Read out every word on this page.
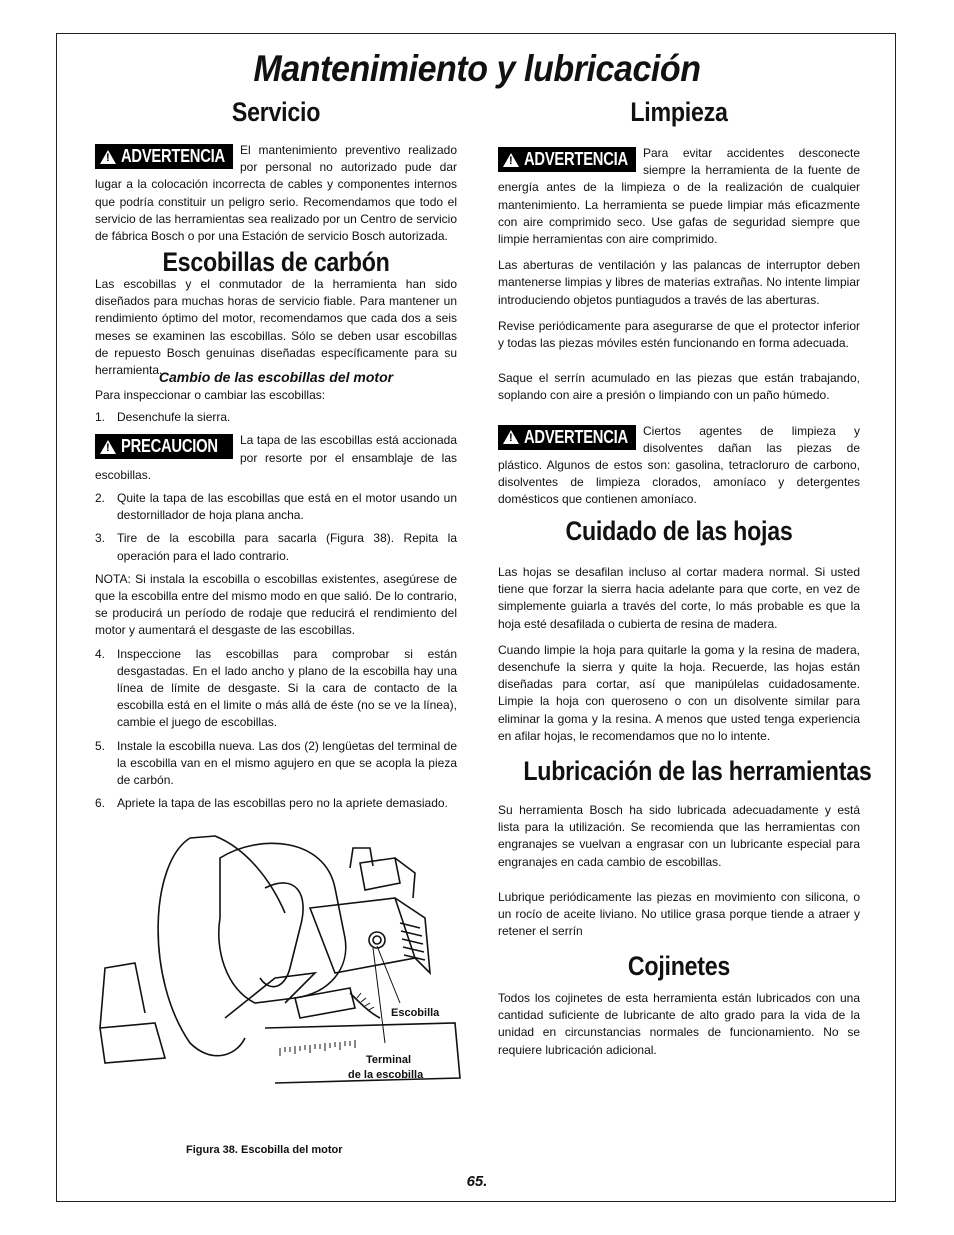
Mantenimiento y lubricación
Servicio
! ADVERTENCIA El mantenimiento preventivo realizado por personal no autorizado pude dar lugar a la colocación incorrecta de cables y componentes internos que podría constituir un peligro serio. Recomendamos que todo el servicio de las herramientas sea realizado por un Centro de servicio de fábrica Bosch o por una Estación de servicio Bosch autorizada.
Escobillas de carbón
Las escobillas y el conmutador de la herramienta han sido diseñados para muchas horas de servicio fiable. Para mantener un rendimiento óptimo del motor, recomendamos que cada dos a seis meses se examinen las escobillas. Sólo se deben usar escobillas de repuesto Bosch genuinas diseñadas específicamente para su herramienta.
Cambio de las escobillas del motor
Para inspeccionar o cambiar las escobillas:
1. Desenchufe la sierra.
! PRECAUCION La tapa de las escobillas está accionada por resorte por el ensamblaje de las escobillas.
2. Quite la tapa de las escobillas que está en el motor usando un destornillador de hoja plana ancha.
3. Tire de la escobilla para sacarla (Figura 38). Repita la operación para el lado contrario.
NOTA: Si instala la escobilla o escobillas existentes, asegúrese de que la escobilla entre del mismo modo en que salió. De lo contrario, se producirá un período de rodaje que reducirá el rendimiento del motor y aumentará el desgaste de las escobillas.
4. Inspeccione las escobillas para comprobar si están desgastadas. En el lado ancho y plano de la escobilla hay una línea de límite de desgaste. Si la cara de contacto de la escobilla está en el limite o más allá de éste (no se ve la línea), cambie el juego de escobillas.
5. Instale la escobilla nueva. Las dos (2) lengüetas del terminal de la escobilla van en el mismo agujero en que se acopla la pieza de carbón.
6. Apriete la tapa de las escobillas pero no la apriete demasiado.
Escobilla
Terminal
de la escobilla
Figura 38. Escobilla del motor
Limpieza
! ADVERTENCIA Para evitar accidentes desconecte siempre la herramienta de la fuente de energía antes de la limpieza o de la realización de cualquier mantenimiento. La herramienta se puede limpiar más eficazmente con aire comprimido seco. Use gafas de seguridad siempre que limpie herramientas con aire comprimido.
Las aberturas de ventilación y las palancas de interruptor deben mantenerse limpias y libres de materias extrañas. No intente limpiar introduciendo objetos puntiagudos a través de las aberturas.
Revise periódicamente para asegurarse de que el protector inferior y todas las piezas móviles estén funcionando en forma adecuada.
Saque el serrín acumulado en las piezas que están trabajando, soplando con aire a presión o limpiando con un paño húmedo.
! ADVERTENCIA Ciertos agentes de limpieza y disolventes dañan las piezas de plástico. Algunos de estos son: gasolina, tetracloruro de carbono, disolventes de limpieza clorados, amoníaco y detergentes domésticos que contienen amoníaco.
Cuidado de las hojas
Las hojas se desafilan incluso al cortar madera normal. Si usted tiene que forzar la sierra hacia adelante para que corte, en vez de simplemente guiarla a través del corte, lo más probable es que la hoja esté desafilada o cubierta de resina de madera.
Cuando limpie la hoja para quitarle la goma y la resina de madera, desenchufe la sierra y quite la hoja. Recuerde, las hojas están diseñadas para cortar, así que manipúlelas cuidadosamente. Limpie la hoja con queroseno o con un disolvente similar para eliminar la goma y la resina. A menos que usted tenga experiencia en afilar hojas, le recomendamos que no lo intente.
Lubricación de las herramientas
Su herramienta Bosch ha sido lubricada adecuadamente y está lista para la utilización. Se recomienda que las herramientas con engranajes se vuelvan a engrasar con un lubricante especial para engranajes en cada cambio de escobillas.
Lubrique periódicamente las piezas en movimiento con silicona, o un rocío de aceite liviano. No utilice grasa porque tiende a atraer y retener el serrín
Cojinetes
Todos los cojinetes de esta herramienta están lubricados con una cantidad suficiente de lubricante de alto grado para la vida de la unidad en circunstancias normales de funcionamiento. No se requiere lubricación adicional.
65.
